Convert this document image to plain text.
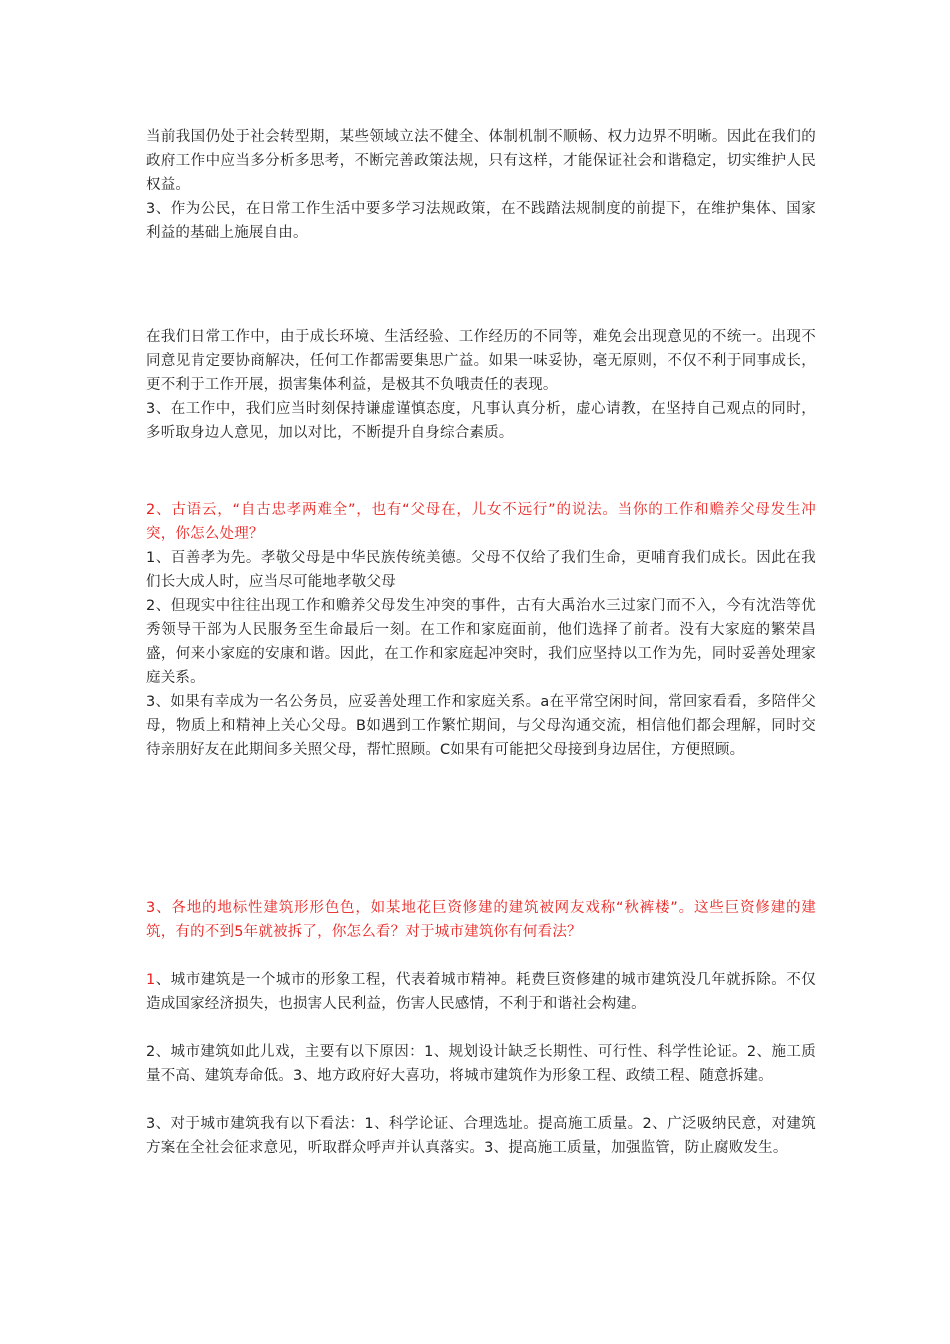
当前我国仍处于社会转型期，某些领域立法不健全、体制机制不顺畅、权力边界不明晰。因此在我们的政府工作中应当多分析多思考，不断完善政策法规，只有这样，才能保证社会和谐稳定，切实维护人民权益。

3、作为公民，在日常工作生活中要多学习法规政策，在不践踏法规制度的前提下，在维护集体、国家利益的基础上施展自由。

在我们日常工作中，由于成长环境、生活经验、工作经历的不同等，难免会出现意见的不统一。出现不同意见肯定要协商解决，任何工作都需要集思广益。如果一味妥协，毫无原则，不仅不利于同事成长，更不利于工作开展，损害集体利益，是极其不负哦责任的表现。

3、在工作中，我们应当时刻保持谦虚谨慎态度，凡事认真分析，虚心请教，在坚持自己观点的同时，多听取身边人意见，加以对比，不断提升自身综合素质。

2、古语云，“自古忠孝两难全”，也有“父母在，儿女不远行”的说法。当你的工作和赡养父母发生冲突，你怎么处理？

1、百善孝为先。孝敬父母是中华民族传统美德。父母不仅给了我们生命，更哺育我们成长。因此在我们长大成人时，应当尽可能地孝敬父母

2、但现实中往往出现工作和赡养父母发生冲突的事件，古有大禹治水三过家门而不入，今有沈浩等优秀领导干部为人民服务至生命最后一刻。在工作和家庭面前，他们选择了前者。没有大家庭的繁荣昌盛，何来小家庭的安康和谐。因此，在工作和家庭起冲突时，我们应坚持以工作为先，同时妥善处理家庭关系。

3、如果有幸成为一名公务员，应妥善处理工作和家庭关系。a在平常空闲时间，常回家看看，多陪伴父母，物质上和精神上关心父母。B如遇到工作繁忙期间，与父母沟通交流，相信他们都会理解，同时交待亲朋好友在此期间多关照父母，帮忙照顾。C如果有可能把父母接到身边居住，方便照顾。

3、各地的地标性建筑形形色色，如某地花巨资修建的建筑被网友戏称“秋裤楼”。这些巨资修建的建筑，有的不到5年就被拆了，你怎么看？对于城市建筑你有何看法？

1、城市建筑是一个城市的形象工程，代表着城市精神。耗费巨资修建的城市建筑没几年就拆除。不仅造成国家经济损失，也损害人民利益，伤害人民感情，不利于和谐社会构建。

2、城市建筑如此儿戏，主要有以下原因：1、规划设计缺乏长期性、可行性、科学性论证。2、施工质量不高、建筑寿命低。3、地方政府好大喜功，将城市建筑作为形象工程、政绩工程、随意拆建。

3、对于城市建筑我有以下看法：1、科学论证、合理选址。提高施工质量。2、广泛吸纳民意，对建筑方案在全社会征求意见，听取群众呼声并认真落实。3、提高施工质量，加强监管，防止腐败发生。
